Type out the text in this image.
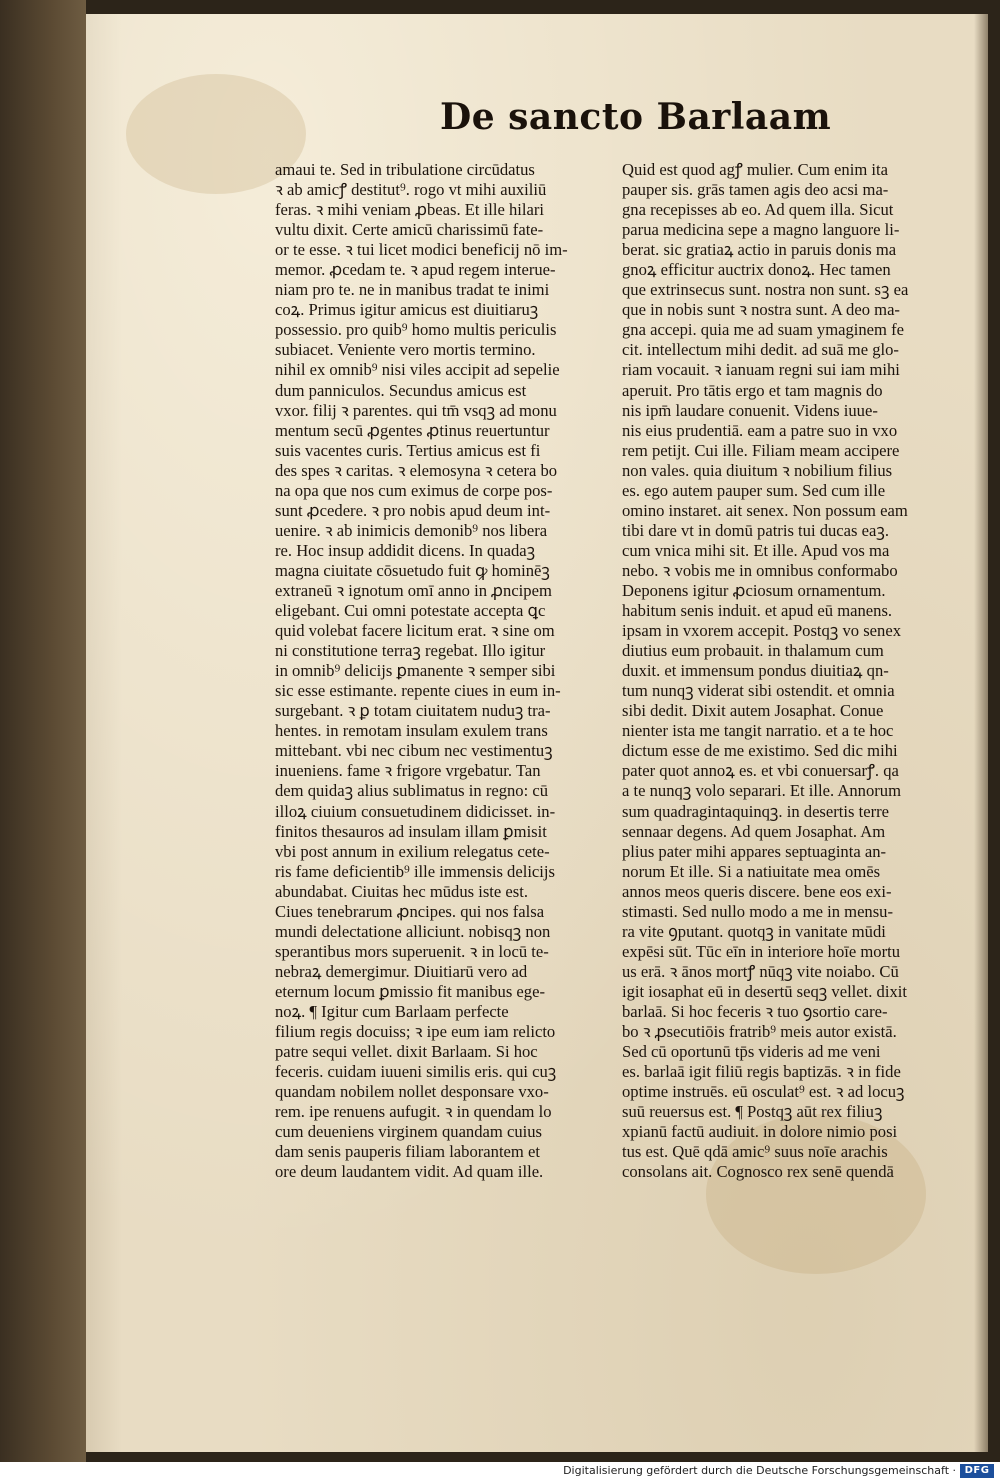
De sancto Barlaam
amaui te. Sed in tribulatione circūdatus
ꝛ ab amicꝭ destitut⁹. rogo vt mihi auxiliū
feras. ꝛ mihi veniam ꝓbeas. Et ille hilari
vultu dixit. Certe amicū charissimū fate-
or te esse. ꝛ tui licet modici beneficij nō im-
memor. ꝓcedam te. ꝛ apud regem interue-
niam pro te. ne in manibus tradat te inimi
coꝝ. Primus igitur amicus est diuitiaruꝫ
possessio. pro quib⁹ homo multis periculis
subiacet. Veniente vero mortis termino.
nihil ex omnib⁹ nisi viles accipit ad sepelie
dum panniculos. Secundus amicus est
vxor. filij ꝛ parentes. qui tm̄ vsqꝫ ad monu
mentum secū ꝓgentes ꝓtinus reuertuntur
suis vacentes curis. Tertius amicus est fi
des spes ꝛ caritas. ꝛ elemosyna ꝛ cetera bo
na opa que nos cum eximus de corpe pos-
sunt ꝓcedere. ꝛ pro nobis apud deum int-
uenire. ꝛ ab inimicis demonib⁹ nos libera
re. Hoc insup addidit dicens. In quadaꝫ
magna ciuitate cōsuetudo fuit ꝙ hominēꝫ
extraneū ꝛ ignotum omī anno in ꝓncipem
eligebant. Cui omni potestate accepta ꝗc
quid volebat facere licitum erat. ꝛ sine om
ni constitutione terraꝫ regebat. Illo igitur
in omnib⁹ delicijs ꝑmanente ꝛ semper sibi
sic esse estimante. repente ciues in eum in-
surgebant. ꝛ ꝑ totam ciuitatem nuduꝫ tra-
hentes. in remotam insulam exulem trans
mittebant. vbi nec cibum nec vestimentuꝫ
inueniens. fame ꝛ frigore vrgebatur. Tan
dem quidaꝫ alius sublimatus in regno: cū
illoꝝ ciuium consuetudinem didicisset. in-
finitos thesauros ad insulam illam ꝑmisit
vbi post annum in exilium relegatus cete-
ris fame deficientib⁹ ille immensis delicijs
abundabat. Ciuitas hec mūdus iste est.
Ciues tenebrarum ꝓncipes. qui nos falsa
mundi delectatione alliciunt. nobisqꝫ non
sperantibus mors superuenit. ꝛ in locū te-
nebraꝝ demergimur. Diuitiarū vero ad
eternum locum ꝑmissio fit manibus ege-
noꝝ. ¶ Igitur cum Barlaam perfecte
filium regis docuiss; ꝛ ipe eum iam relicto
patre sequi vellet. dixit Barlaam. Si hoc
feceris. cuidam iuueni similis eris. qui cuꝫ
quandam nobilem nollet desponsare vxo-
rem. ipe renuens aufugit. ꝛ in quendam lo
cum deueniens virginem quandam cuius
dam senis pauperis filiam laborantem et
ore deum laudantem vidit. Ad quam ille.
Quid est quod agꝭ mulier. Cum enim ita
pauper sis. grās tamen agis deo acsi ma-
gna recepisses ab eo. Ad quem illa. Sicut
parua medicina sepe a magno languore li-
berat. sic gratiaꝝ actio in paruis donis ma
gnoꝝ efficitur auctrix donoꝝ. Hec tamen
que extrinsecus sunt. nostra non sunt. sꝫ ea
que in nobis sunt ꝛ nostra sunt. A deo ma-
gna accepi. quia me ad suam ymaginem fe
cit. intellectum mihi dedit. ad suā me glo-
riam vocauit. ꝛ ianuam regni sui iam mihi
aperuit. Pro tātis ergo et tam magnis do
nis ipm̄ laudare conuenit. Videns iuue-
nis eius prudentiā. eam a patre suo in vxo
rem petijt. Cui ille. Filiam meam accipere
non vales. quia diuitum ꝛ nobilium filius
es. ego autem pauper sum. Sed cum ille
omino instaret. ait senex. Non possum eam
tibi dare vt in domū patris tui ducas eaꝫ.
cum vnica mihi sit. Et ille. Apud vos ma
nebo. ꝛ vobis me in omnibus conformabo
Deponens igitur ꝓciosum ornamentum.
habitum senis induit. et apud eū manens.
ipsam in vxorem accepit. Postqꝫ vo senex
diutius eum probauit. in thalamum cum
duxit. et immensum pondus diuitiaꝝ qn-
tum nunqꝫ viderat sibi ostendit. et omnia
sibi dedit. Dixit autem Josaphat. Conue
nienter ista me tangit narratio. et a te hoc
dictum esse de me existimo. Sed dic mihi
pater quot annoꝝ es. et vbi conuersarꝭ. qa
a te nunqꝫ volo separari. Et ille. Annorum
sum quadragintaquinqꝫ. in desertis terre
sennaar degens. Ad quem Josaphat. Am
plius pater mihi appares septuaginta an-
norum Et ille. Si a natiuitate mea omēs
annos meos queris discere. bene eos exi-
stimasti. Sed nullo modo a me in mensu-
ra vite ꝯputant. quotqꝫ in vanitate mūdi
expēsi sūt. Tūc eīn in interiore hoīe mortu
us erā. ꝛ ānos mortꝭ nūqꝫ vite noiabo. Cū
igit iosaphat eū in desertū seqꝫ vellet. dixit
barlaā. Si hoc feceris ꝛ tuo ꝯsortio care-
bo ꝛ ꝓsecutiōis fratrib⁹ meis autor existā.
Sed cū oportunū tp̄s videris ad me veni
es. barlaā igit filiū regis baptizās. ꝛ in fide
optime instruēs. eū osculat⁹ est. ꝛ ad locuꝫ
suū reuersus est. ¶ Postqꝫ aūt rex filiuꝫ
xpianū factū audiuit. in dolore nimio posi
tus est. Quē qdā amic⁹ suus noīe arachis
consolans ait. Cognosco rex senē quendā
Digitalisierung gefördert durch die Deutsche Forschungsgemeinschaft · DFG
